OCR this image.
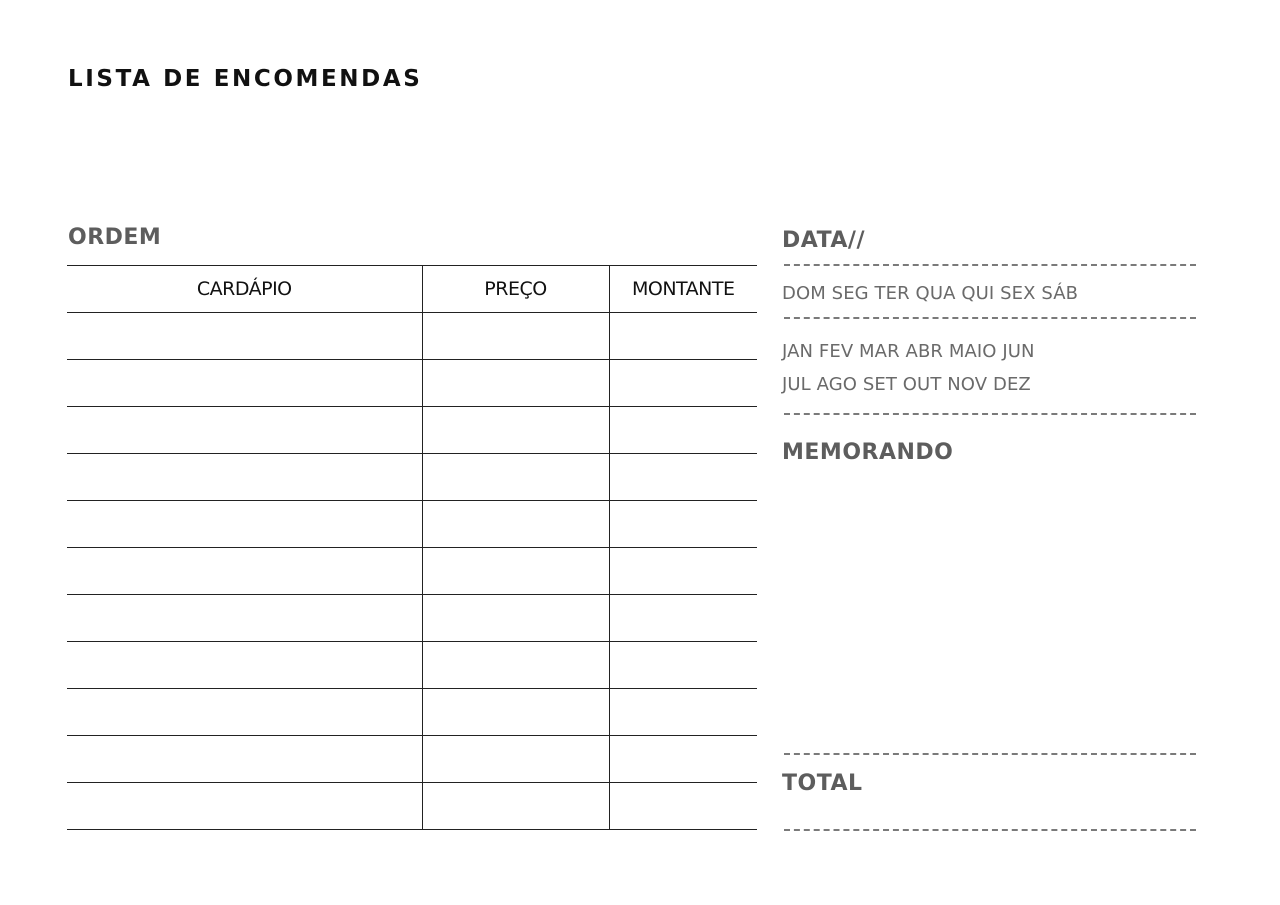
LISTA DE ENCOMENDAS
ORDEM
CARDÁPIO	PREÇO	MONTANTE

DATA//
DOM SEG TER QUA QUI SEX SÁB
JAN FEV MAR ABR MAIO JUN
JUL AGO SET OUT NOV DEZ
MEMORANDO
TOTAL
